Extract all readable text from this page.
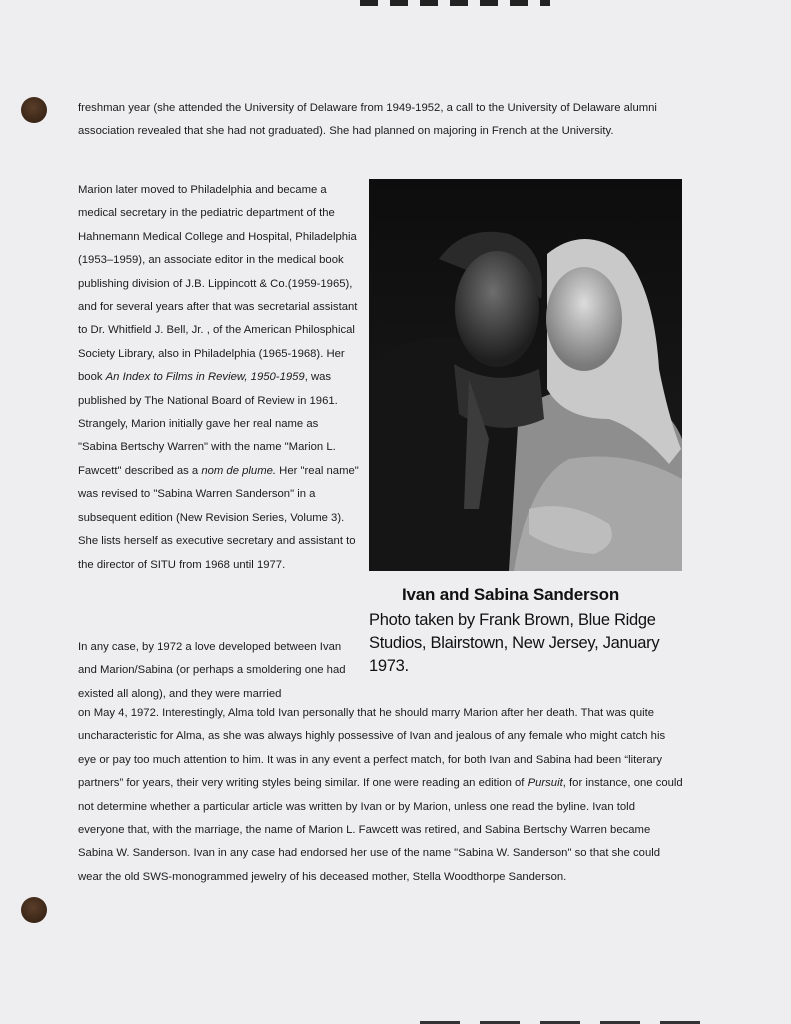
freshman year (she attended the University of Delaware from 1949-1952, a call to the University of Delaware alumni association revealed that she had not graduated). She had planned on majoring in French at the University.

Marion later moved to Philadelphia and became a medical secretary in the pediatric department of the Hahnemann Medical College and Hospital, Philadelphia (1953–1959), an associate editor in the medical book publishing division of J.B. Lippincott & Co.(1959-1965), and for several years after that was secretarial assistant to Dr. Whitfield J. Bell, Jr. , of the American Philosphical Society Library, also in Philadelphia (1965-1968). Her book An Index to Films in Review, 1950-1959, was published by The National Board of Review in 1961. Strangely, Marion initially gave her real name as "Sabina Bertschy Warren" with the name "Marion L. Fawcett" described as a nom de plume. Her "real name" was revised to "Sabina Warren Sanderson" in a subsequent edition (New Revision Series, Volume 3). She lists herself as executive secretary and assistant to the director of SITU from 1968 until 1977.

Ivan and Sabina Sanderson

Photo taken by Frank Brown, Blue Ridge Studios, Blairstown, New Jersey, January 1973.

In any case, by 1972 a love developed between Ivan and Marion/Sabina (or perhaps a smoldering one had existed all along), and they were married

on May 4, 1972. Interestingly, Alma told Ivan personally that he should marry Marion after her death. That was quite uncharacteristic for Alma, as she was always highly possessive of Ivan and jealous of any female who might catch his eye or pay too much attention to him. It was in any event a perfect match, for both Ivan and Sabina had been “literary partners” for years, their very writing styles being similar. If one were reading an edition of Pursuit, for instance, one could not determine whether a particular article was written by Ivan or by Marion, unless one read the byline. Ivan told everyone that, with the marriage, the name of Marion L. Fawcett was retired, and Sabina Bertschy Warren became Sabina W. Sanderson. Ivan in any case had endorsed her use of the name "Sabina W. Sanderson" so that she could wear the old SWS-monogrammed jewelry of his deceased mother, Stella Woodthorpe Sanderson.
